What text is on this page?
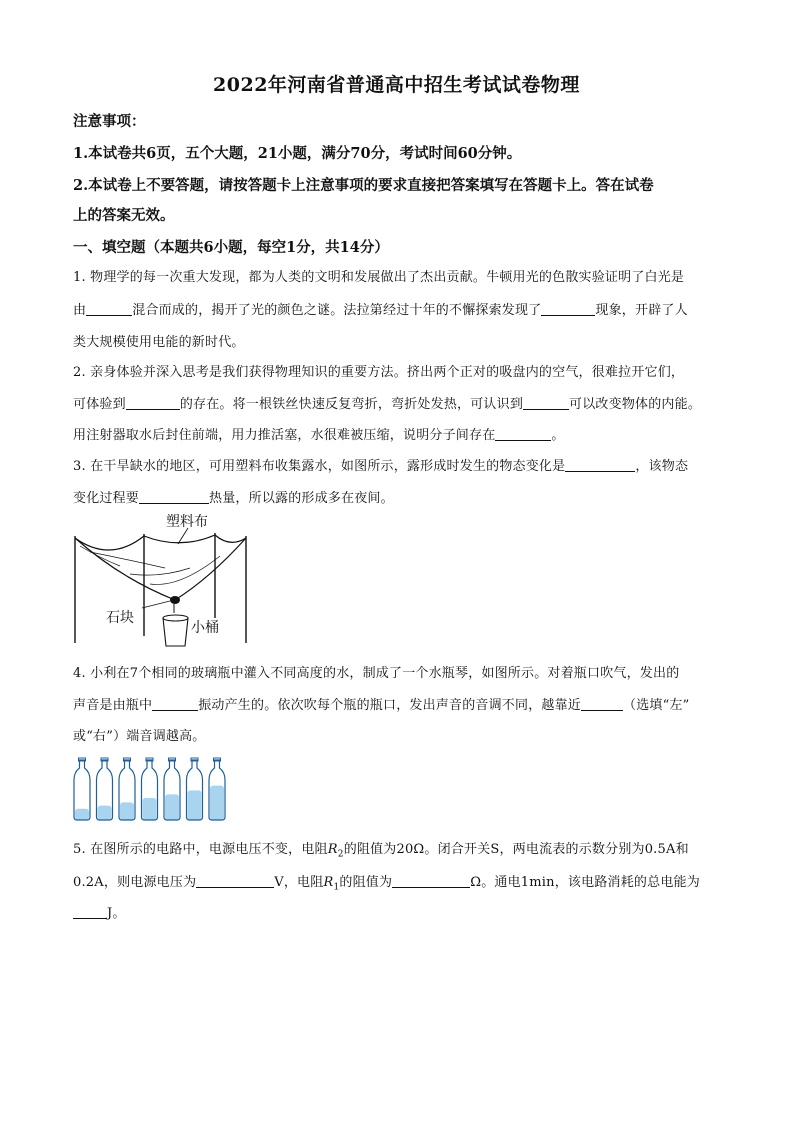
2022年河南省普通高中招生考试试卷物理
注意事项：
1.本试卷共6页，五个大题，21小题，满分70分，考试时间60分钟。
2.本试卷上不要答题，请按答题卡上注意事项的要求直接把答案填写在答题卡上。答在试卷
上的答案无效。
一、填空题（本题共6小题，每空1分，共14分）
1. 物理学的每一次重大发现，都为人类的文明和发展做出了杰出贡献。牛顿用光的色散实验证明了白光是
由	混合而成的，揭开了光的颜色之谜。法拉第经过十年的不懈探索发现了	现象，开辟了人
类大规模使用电能的新时代。
2. 亲身体验并深入思考是我们获得物理知识的重要方法。挤出两个正对的吸盘内的空气，很难拉开它们，
可体验到	的存在。将一根铁丝快速反复弯折，弯折处发热，可认识到	可以改变物体的内能。
用注射器取水后封住前端，用力推活塞，水很难被压缩，说明分子间存在	。
3. 在干旱缺水的地区，可用塑料布收集露水，如图所示，露形成时发生的物态变化是	，该物态
变化过程要	热量，所以露的形成多在夜间。
塑料布
石块
小桶
4. 小利在7个相同的玻璃瓶中灌入不同高度的水，制成了一个水瓶琴，如图所示。对着瓶口吹气，发出的
声音是由瓶中	振动产生的。依次吹每个瓶的瓶口，发出声音的音调不同，越靠近	（选填“左”
或“右”）端音调越高。
5. 在图所示的电路中，电源电压不变，电阻$R_2$的阻值为20Ω。闭合开关S，两电流表的示数分别为0.5A和
0.2A，则电源电压为	V，电阻$R_1$的阻值为	Ω。通电1min，该电路消耗的总电能为
J。
